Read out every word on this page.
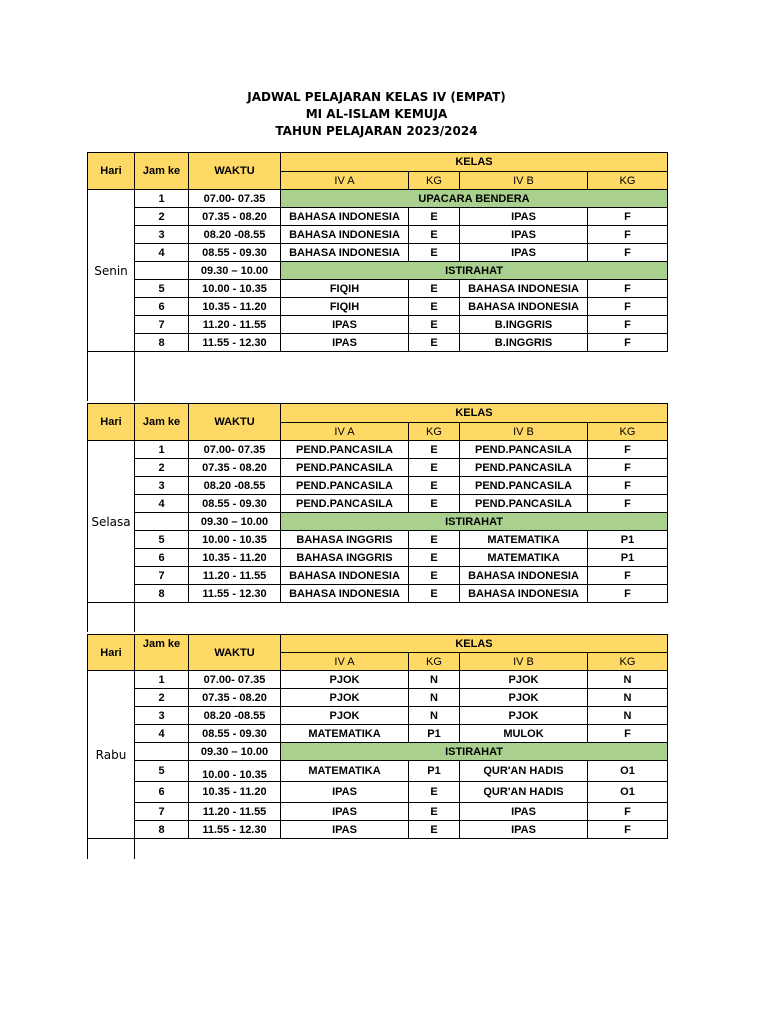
JADWAL PELAJARAN KELAS IV (EMPAT)
MI AL-ISLAM KEMUJA
TAHUN PELAJARAN 2023/2024
Hari	Jam ke	WAKTU	KELAS			
			IV A	KG	IV B	KG
Senin	1	07.00- 07.35	UPACARA BENDERA			
	2	07.35 - 08.20	BAHASA INDONESIA	E	IPAS	F
	3	08.20 -08.55	BAHASA INDONESIA	E	IPAS	F
	4	08.55 - 09.30	BAHASA INDONESIA	E	IPAS	F
		09.30 – 10.00	ISTIRAHAT			
	5	10.00 - 10.35	FIQIH	E	BAHASA INDONESIA	F
	6	10.35 - 11.20	FIQIH	E	BAHASA INDONESIA	F
	7	11.20 - 11.55	IPAS	E	B.INGGRIS	F
	8	11.55 - 12.30	IPAS	E	B.INGGRIS	F

Hari	Jam ke	WAKTU	KELAS			
			IV A	KG	IV B	KG
Selasa	1	07.00- 07.35	PEND.PANCASILA	E	PEND.PANCASILA	F
	2	07.35 - 08.20	PEND.PANCASILA	E	PEND.PANCASILA	F
	3	08.20 -08.55	PEND.PANCASILA	E	PEND.PANCASILA	F
	4	08.55 - 09.30	PEND.PANCASILA	E	PEND.PANCASILA	F
		09.30 – 10.00	ISTIRAHAT			
	5	10.00 - 10.35	BAHASA INGGRIS	E	MATEMATIKA	P1
	6	10.35 - 11.20	BAHASA INGGRIS	E	MATEMATIKA	P1
	7	11.20 - 11.55	BAHASA INDONESIA	E	BAHASA INDONESIA	F
	8	11.55 - 12.30	BAHASA INDONESIA	E	BAHASA INDONESIA	F

Hari	Jam ke	WAKTU	KELAS			
			IV A	KG	IV B	KG
Rabu	1	07.00- 07.35	PJOK	N	PJOK	N
	2	07.35 - 08.20	PJOK	N	PJOK	N
	3	08.20 -08.55	PJOK	N	PJOK	N
	4	08.55 - 09.30	MATEMATIKA	P1	MULOK	F
		09.30 – 10.00	ISTIRAHAT			
	5	10.00 - 10.35	MATEMATIKA	P1	QUR'AN HADIS	O1
	6	10.35 - 11.20	IPAS	E	QUR'AN HADIS	O1
	7	11.20 - 11.55	IPAS	E	IPAS	F
	8	11.55 - 12.30	IPAS	E	IPAS	F
